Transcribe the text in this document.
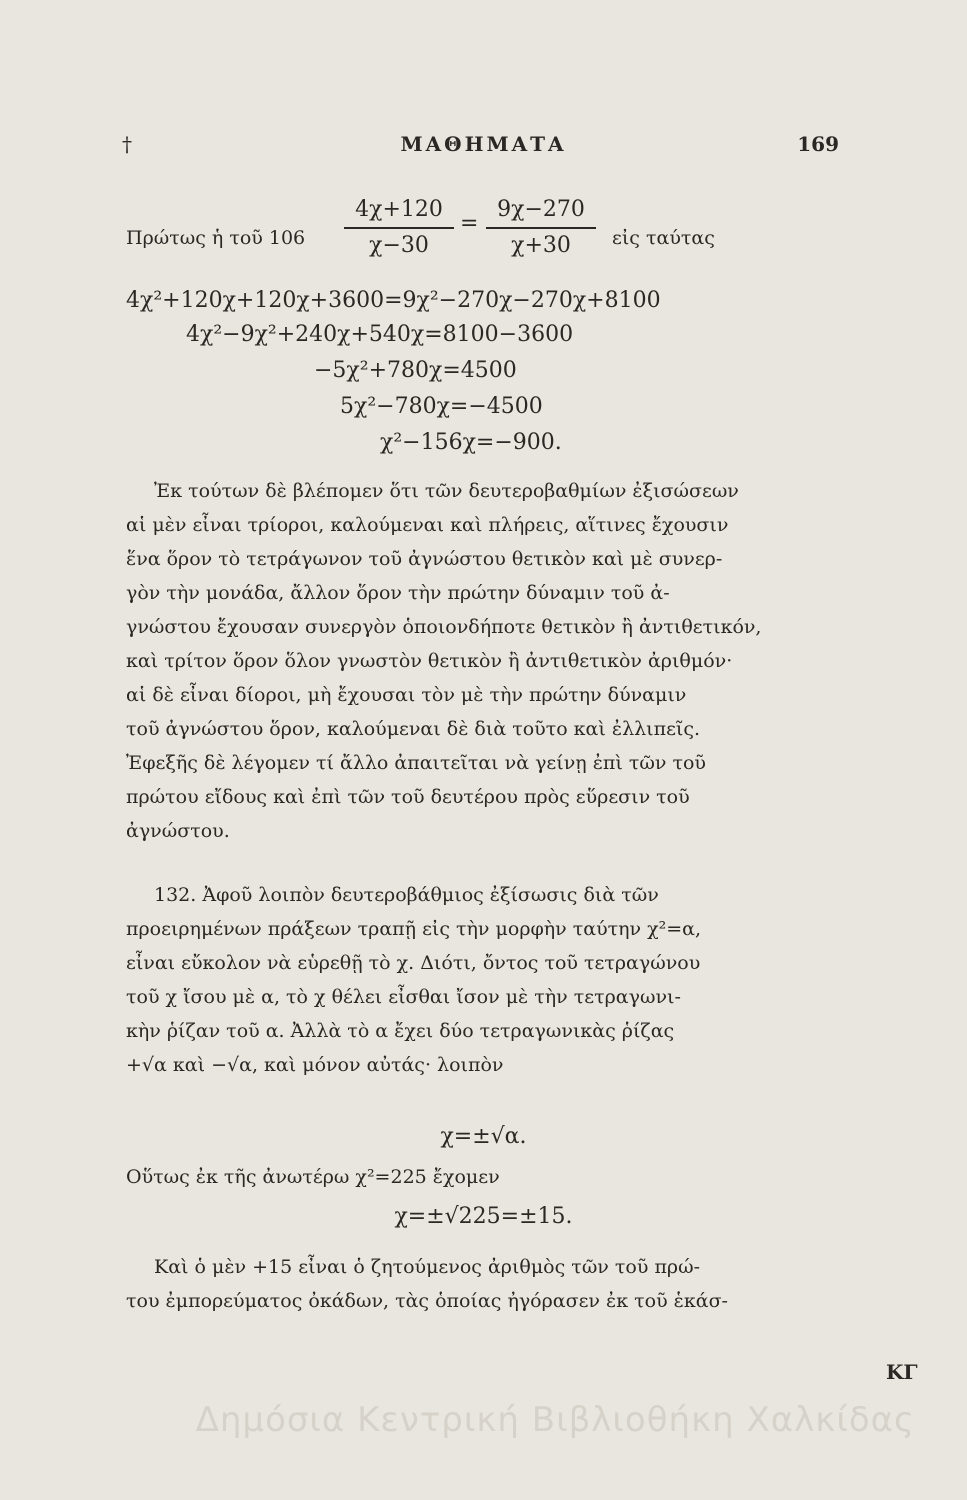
†	ΜΑΘΗΜΑΤΑ	169
Πρώτως ἡ τοῦ $106 \frac{4\chi+120}{\chi-30} = \frac{9\chi-270}{\chi+30}$ εἰς ταύτας
4χ²+120χ+120χ+3600=9χ²−270χ−270χ+8100
4χ²−9χ²+240χ+540χ=8100−3600
−5χ²+780χ=4500
5χ²−780χ=−4500
χ²−156χ=−900.
Ἐκ τούτων δὲ βλέπομεν ὅτι τῶν δευτεροβαθμίων ἐξισώσεων
αἱ μὲν εἶναι τρίοροι, καλούμεναι καὶ πλήρεις, αἵτινες ἔχουσιν
ἕνα ὅρον τὸ τετράγωνον τοῦ ἀγνώστου θετικὸν καὶ μὲ συνερ-
γὸν τὴν μονάδα, ἄλλον ὅρον τὴν πρώτην δύναμιν τοῦ ἀ-
γνώστου ἔχουσαν συνεργὸν ὁποιονδήποτε θετικὸν ἢ ἀντιθετικόν,
καὶ τρίτον ὅρον ὅλον γνωστὸν θετικὸν ἢ ἀντιθετικὸν ἀριθμόν·
αἱ δὲ εἶναι δίοροι, μὴ ἔχουσαι τὸν μὲ τὴν πρώτην δύναμιν
τοῦ ἀγνώστου ὅρον, καλούμεναι δὲ διὰ τοῦτο καὶ ἐλλιπεῖς.
Ἐφεξῆς δὲ λέγομεν τί ἄλλο ἀπαιτεῖται νὰ γείνῃ ἐπὶ τῶν τοῦ
πρώτου εἴδους καὶ ἐπὶ τῶν τοῦ δευτέρου πρὸς εὕρεσιν τοῦ
ἀγνώστου.
132. Ἀφοῦ λοιπὸν δευτεροβάθμιος ἐξίσωσις διὰ τῶν
προειρημένων πράξεων τραπῇ εἰς τὴν μορφὴν ταύτην χ²=α,
εἶναι εὔκολον νὰ εὑρεθῇ τὸ χ. Διότι, ὄντος τοῦ τετραγώνου
τοῦ χ ἴσου μὲ α, τὸ χ θέλει εἶσθαι ἴσον μὲ τὴν τετραγωνι-
κὴν ῥίζαν τοῦ α. Ἀλλὰ τὸ α ἔχει δύο τετραγωνικὰς ῥίζας
+√α καὶ −√α, καὶ μόνον αὐτάς· λοιπὸν
χ=±√α.
Οὕτως ἐκ τῆς ἀνωτέρω χ²=225 ἔχομεν
χ=±√225=±15.
Καὶ ὁ μὲν +15 εἶναι ὁ ζητούμενος ἀριθμὸς τῶν τοῦ πρώ-
του ἐμπορεύματος ὀκάδων, τὰς ὁποίας ἠγόρασεν ἐκ τοῦ ἑκάσ-
ΚΓ
Δημόσια Κεντρική Βιβλιοθήκη Χαλκίδας
